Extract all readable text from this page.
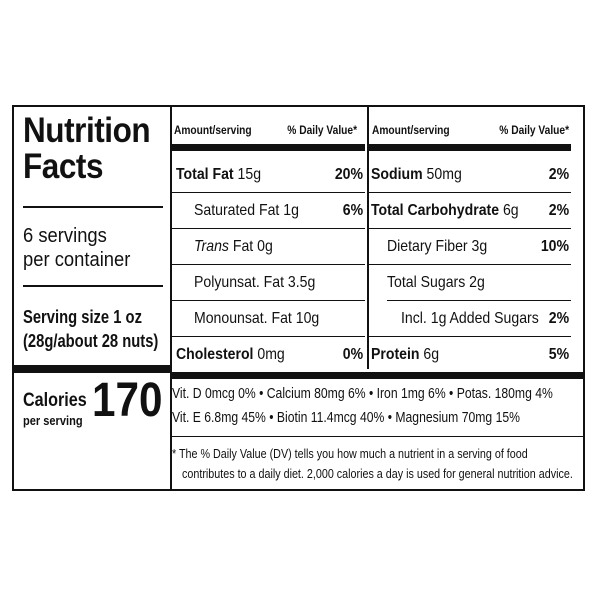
Nutrition
Facts
6 servings
per container
Serving size 1 oz
(28g/about 28 nuts)
Calories
per serving 170
Amount/serving	% Daily Value* Amount/serving	% Daily Value*
Total Fat 15g	20%
Saturated Fat 1g	6%
Trans Fat 0g
Polyunsat. Fat 3.5g
Monounsat. Fat 10g
Cholesterol 0mg	0%
Sodium 50mg	2%
Total Carbohydrate 6g 2%
Dietary Fiber 3g	10%
Total Sugars 2g
Incl. 1g Added Sugars 2%
Protein 6g	5%
Vit. D 0mcg 0% • Calcium 80mg 6% • Iron 1mg 6% • Potas. 180mg 4%
Vit. E 6.8mg 45% • Biotin 11.4mcg 40% • Magnesium 70mg 15%
* The % Daily Value (DV) tells you how much a nutrient in a serving of food
contributes to a daily diet. 2,000 calories a day is used for general nutrition advice.
